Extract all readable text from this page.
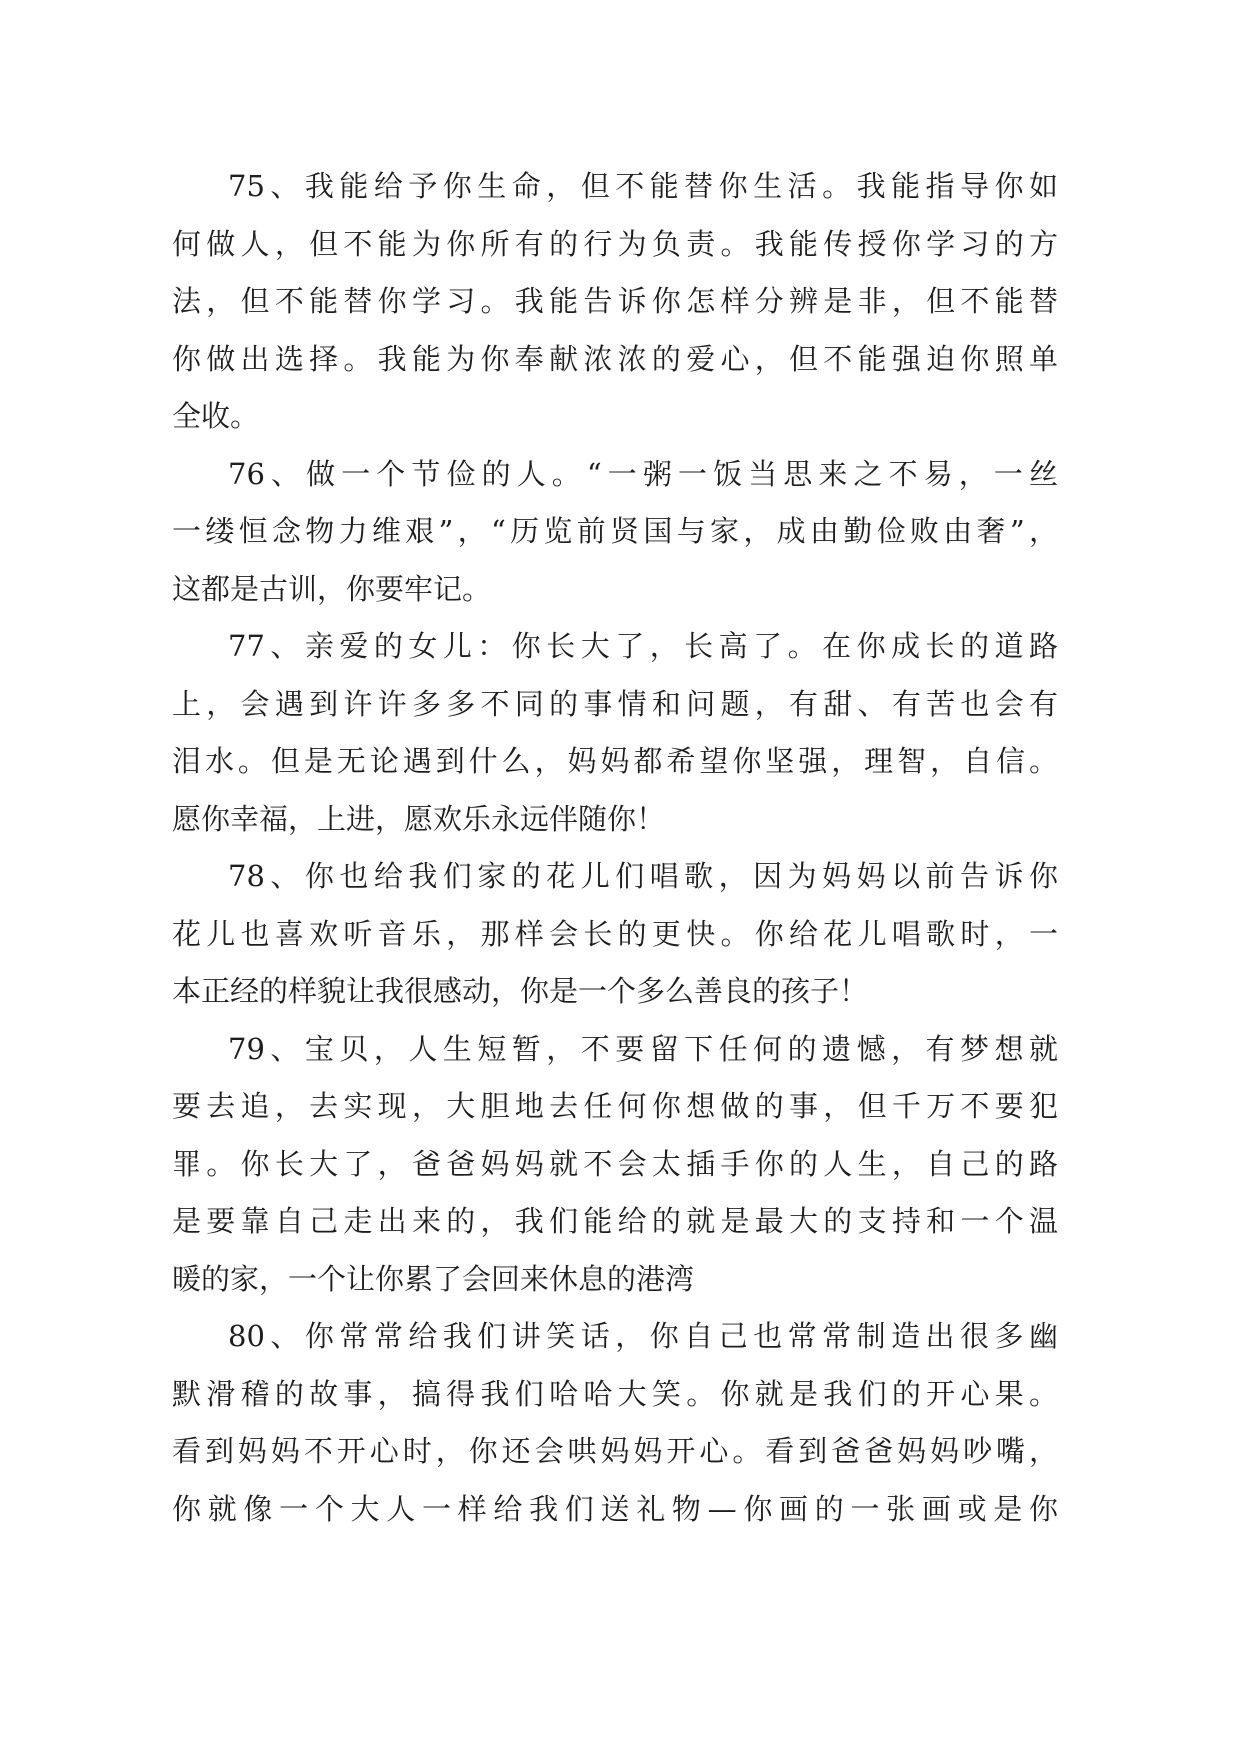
75、我能给予你生命，但不能替你生活。我能指导你如
何做人，但不能为你所有的行为负责。我能传授你学习的方
法，但不能替你学习。我能告诉你怎样分辨是非，但不能替
你做出选择。我能为你奉献浓浓的爱心，但不能强迫你照单
全收。
76、做一个节俭的人。“一粥一饭当思来之不易，一丝
一缕恒念物力维艰”，“历览前贤国与家，成由勤俭败由奢”，
这都是古训，你要牢记。
77、亲爱的女儿：你长大了，长高了。在你成长的道路
上，会遇到许许多多不同的事情和问题，有甜、有苦也会有
泪水。但是无论遇到什么，妈妈都希望你坚强，理智，自信。
愿你幸福，上进，愿欢乐永远伴随你！
78、你也给我们家的花儿们唱歌，因为妈妈以前告诉你
花儿也喜欢听音乐，那样会长的更快。你给花儿唱歌时，一
本正经的样貌让我很感动，你是一个多么善良的孩子！
79、宝贝，人生短暂，不要留下任何的遗憾，有梦想就
要去追，去实现，大胆地去任何你想做的事，但千万不要犯
罪。你长大了，爸爸妈妈就不会太插手你的人生，自己的路
是要靠自己走出来的，我们能给的就是最大的支持和一个温
暖的家，一个让你累了会回来休息的港湾
80、你常常给我们讲笑话，你自己也常常制造出很多幽
默滑稽的故事，搞得我们哈哈大笑。你就是我们的开心果。
看到妈妈不开心时，你还会哄妈妈开心。看到爸爸妈妈吵嘴，
你就像一个大人一样给我们送礼物—你画的一张画或是你
